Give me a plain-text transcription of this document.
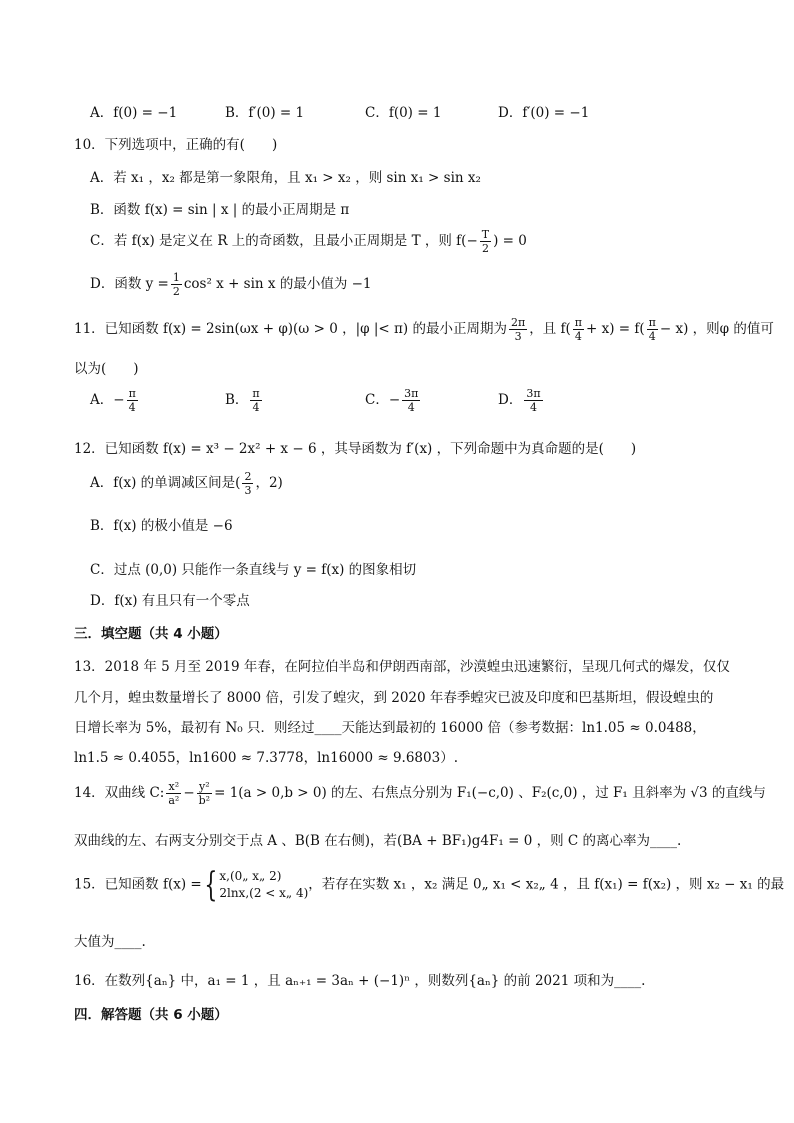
A．f(0) = −1	B．f′(0) = 1	C．f(0) = 1	D．f′(0) = −1
10．下列选项中，正确的有(　　)
A．若 x₁ ，x₂ 都是第一象限角，且 x₁ > x₂ ，则 sin x₁ > sin x₂
B．函数 f(x) = sin | x | 的最小正周期是 π
C．若 f(x) 是定义在 R 上的奇函数，且最小正周期是 T ，则 $f(- \frac{T}{2}$ ) = 0
D．函数 $y = \frac{1}{2} \cos^2$ x + sin x 的最小值为 −1
11．已知函数 f(x) = 2sin(ωx + φ)(ω > 0 ，|φ |< π) 的最小正周期为 $\frac{2\pi}{3}$ ，且 $f( \frac{\pi}{4} + x) = f( \frac{\pi}{4} - x)$ ，则φ 的值可
以为(　　)
A．− $\frac{\pi}{4}$	B． $\frac{\pi}{4}$	C．− $\frac{3\pi}{4}$	D． $\frac{3\pi}{4}$
12．已知函数 f(x) = x³ − 2x² + x − 6 ，其导函数为 f′(x) ，下列命题中为真命题的是(　　)
A．f(x) 的单调减区间是( $\frac{2}{3}$ ，2)
B．f(x) 的极小值是 −6
C．过点 (0,0) 只能作一条直线与 y = f(x) 的图象相切
D．f(x) 有且只有一个零点
三．填空题（共 4 小题）
13．2018 年 5 月至 2019 年春，在阿拉伯半岛和伊朗西南部，沙漠蝗虫迅速繁衍，呈现几何式的爆发，仅仅
几个月，蝗虫数量增长了 8000 倍，引发了蝗灾，到 2020 年春季蝗灾已波及印度和巴基斯坦，假设蝗虫的
日增长率为 5%，最初有 N₀ 只．则经过____天能达到最初的 16000 倍（参考数据：ln1.05 ≈ 0.0488，
ln1.5 ≈ 0.4055，ln1600 ≈ 7.3778，ln16000 ≈ 9.6803）.
14．双曲线 C: $\frac{\text{x²}}{\text{a²}} - \frac{\text{y²}}{\text{b²}} = 1(a > 0,b > 0)$ 的左、右焦点分别为 F₁(−c,0) 、F₂(c,0) ，过 F₁ 且斜率为 √3 的直线与
双曲线的左、右两支分别交于点 A 、B(B 在右侧)，若(BA + BF₁)g4F₁ = 0 ，则 C 的离心率为____.
15．已知函数 f(x) ={ x,(0„ x„ 2)
2lnx,(2 < x„ 4)
，若存在实数 x₁ ，x₂ 满足 0„ x₁ < x₂„ 4 ，且 f(x₁) = f(x₂) ，则 x₂ − x₁ 的最
大值为____.
16．在数列{aₙ} 中，a₁ = 1 ，且 aₙ₊₁ = 3aₙ + (−1)ⁿ ，则数列{aₙ} 的前 2021 项和为____.
四．解答题（共 6 小题）
